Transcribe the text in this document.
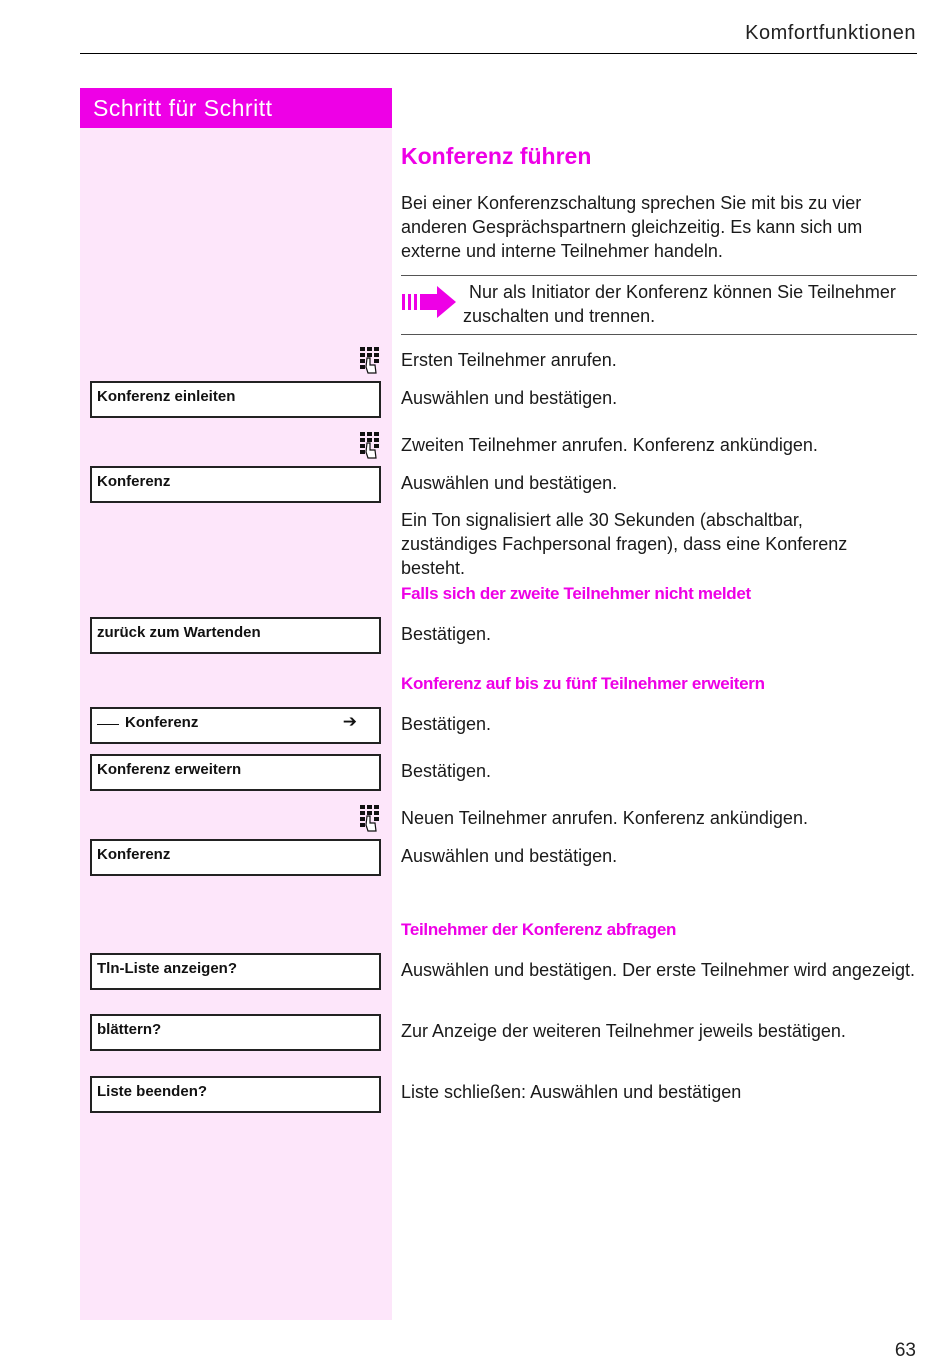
Komfortfunktionen
Schritt für Schritt
Konferenz führen
Bei einer Konferenzschaltung sprechen Sie mit bis zu vier anderen Gesprächspartnern gleichzeitig. Es kann sich um externe und interne Teilnehmer handeln.
Nur als Initiator der Konferenz können Sie Teilnehmer zuschalten und trennen.
Ersten Teilnehmer anrufen.
Konferenz einleiten	Auswählen und bestätigen.
Zweiten Teilnehmer anrufen. Konferenz ankündigen.
Konferenz	Auswählen und bestätigen.
Ein Ton signalisiert alle 30 Sekunden (abschaltbar, zuständiges Fachpersonal fragen), dass eine Konferenz besteht.
Falls sich der zweite Teilnehmer nicht meldet
zurück zum Wartenden	Bestätigen.
Konferenz auf bis zu fünf Teilnehmer erweitern
Konferenz	➔ Bestätigen.
Konferenz erweitern	Bestätigen.
Neuen Teilnehmer anrufen. Konferenz ankündigen.
Konferenz	Auswählen und bestätigen.
Teilnehmer der Konferenz abfragen
Tln-Liste anzeigen?	Auswählen und bestätigen. Der erste Teilnehmer wird angezeigt.
blättern?	Zur Anzeige der weiteren Teilnehmer jeweils bestätigen.
Liste beenden?	Liste schließen: Auswählen und bestätigen
63
